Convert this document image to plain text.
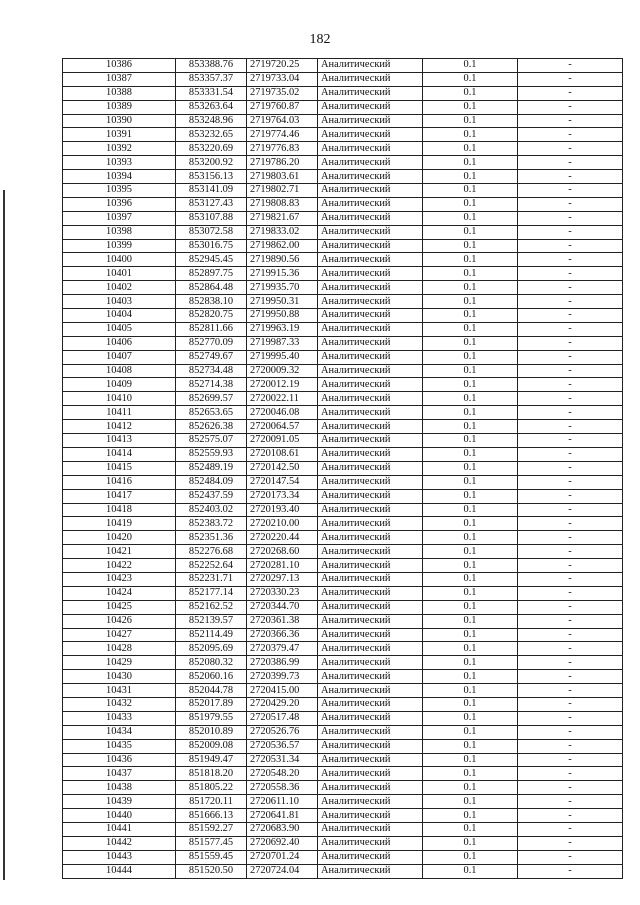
182
10386	853388.76	2719720.25	Аналитический	0.1	-
10387	853357.37	2719733.04	Аналитический	0.1	-
10388	853331.54	2719735.02	Аналитический	0.1	-
10389	853263.64	2719760.87	Аналитический	0.1	-
10390	853248.96	2719764.03	Аналитический	0.1	-
10391	853232.65	2719774.46	Аналитический	0.1	-
10392	853220.69	2719776.83	Аналитический	0.1	-
10393	853200.92	2719786.20	Аналитический	0.1	-
10394	853156.13	2719803.61	Аналитический	0.1	-
10395	853141.09	2719802.71	Аналитический	0.1	-
10396	853127.43	2719808.83	Аналитический	0.1	-
10397	853107.88	2719821.67	Аналитический	0.1	-
10398	853072.58	2719833.02	Аналитический	0.1	-
10399	853016.75	2719862.00	Аналитический	0.1	-
10400	852945.45	2719890.56	Аналитический	0.1	-
10401	852897.75	2719915.36	Аналитический	0.1	-
10402	852864.48	2719935.70	Аналитический	0.1	-
10403	852838.10	2719950.31	Аналитический	0.1	-
10404	852820.75	2719950.88	Аналитический	0.1	-
10405	852811.66	2719963.19	Аналитический	0.1	-
10406	852770.09	2719987.33	Аналитический	0.1	-
10407	852749.67	2719995.40	Аналитический	0.1	-
10408	852734.48	2720009.32	Аналитический	0.1	-
10409	852714.38	2720012.19	Аналитический	0.1	-
10410	852699.57	2720022.11	Аналитический	0.1	-
10411	852653.65	2720046.08	Аналитический	0.1	-
10412	852626.38	2720064.57	Аналитический	0.1	-
10413	852575.07	2720091.05	Аналитический	0.1	-
10414	852559.93	2720108.61	Аналитический	0.1	-
10415	852489.19	2720142.50	Аналитический	0.1	-
10416	852484.09	2720147.54	Аналитический	0.1	-
10417	852437.59	2720173.34	Аналитический	0.1	-
10418	852403.02	2720193.40	Аналитический	0.1	-
10419	852383.72	2720210.00	Аналитический	0.1	-
10420	852351.36	2720220.44	Аналитический	0.1	-
10421	852276.68	2720268.60	Аналитический	0.1	-
10422	852252.64	2720281.10	Аналитический	0.1	-
10423	852231.71	2720297.13	Аналитический	0.1	-
10424	852177.14	2720330.23	Аналитический	0.1	-
10425	852162.52	2720344.70	Аналитический	0.1	-
10426	852139.57	2720361.38	Аналитический	0.1	-
10427	852114.49	2720366.36	Аналитический	0.1	-
10428	852095.69	2720379.47	Аналитический	0.1	-
10429	852080.32	2720386.99	Аналитический	0.1	-
10430	852060.16	2720399.73	Аналитический	0.1	-
10431	852044.78	2720415.00	Аналитический	0.1	-
10432	852017.89	2720429.20	Аналитический	0.1	-
10433	851979.55	2720517.48	Аналитический	0.1	-
10434	852010.89	2720526.76	Аналитический	0.1	-
10435	852009.08	2720536.57	Аналитический	0.1	-
10436	851949.47	2720531.34	Аналитический	0.1	-
10437	851818.20	2720548.20	Аналитический	0.1	-
10438	851805.22	2720558.36	Аналитический	0.1	-
10439	851720.11	2720611.10	Аналитический	0.1	-
10440	851666.13	2720641.81	Аналитический	0.1	-
10441	851592.27	2720683.90	Аналитический	0.1	-
10442	851577.45	2720692.40	Аналитический	0.1	-
10443	851559.45	2720701.24	Аналитический	0.1	-
10444	851520.50	2720724.04	Аналитический	0.1	-
